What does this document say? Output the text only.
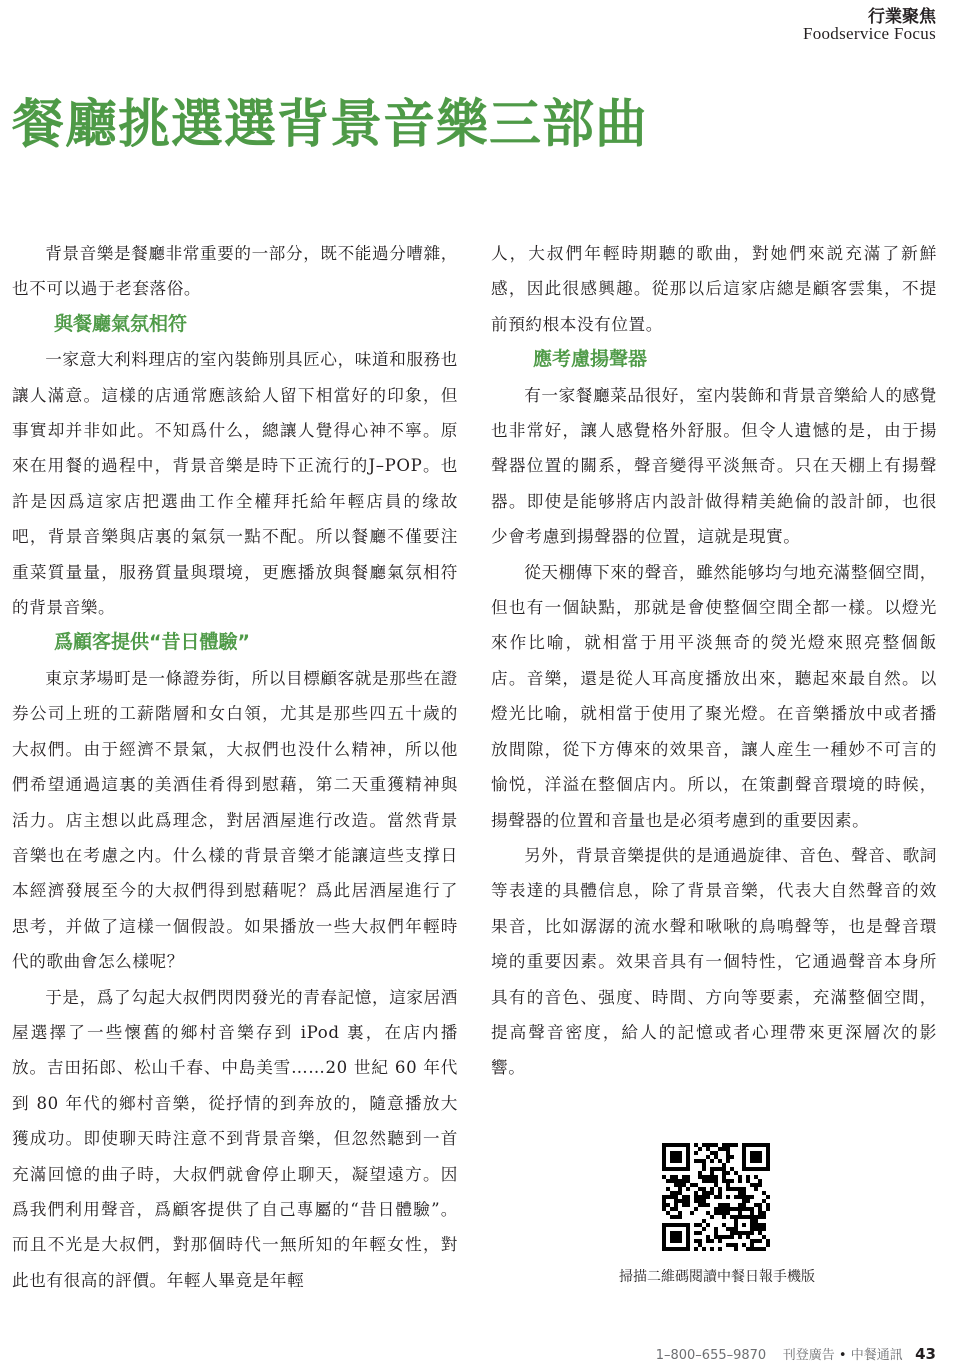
行業聚焦
Foodservice Focus
餐廳挑選選背景音樂三部曲

背景音樂是餐廳非常重要的一部分，既不能過分嘈雜，也不可以過于老套落俗。

與餐廳氣氛相符

一家意大利料理店的室內裝飾別具匠心，味道和服務也讓人滿意。這樣的店通常應該給人留下相當好的印象，但事實却并非如此。不知爲什么，總讓人覺得心神不寧。原來在用餐的過程中，背景音樂是時下正流行的J–POP。也許是因爲這家店把選曲工作全權拜托給年輕店員的缘故吧，背景音樂與店裏的氣氛一點不配。所以餐廳不僅要注重菜質量量，服務質量與環境，更應播放與餐廳氣氛相符的背景音樂。

爲顧客提供“昔日體驗”

東京茅場町是一條證券街，所以目標顧客就是那些在證券公司上班的工薪階層和女白領，尤其是那些四五十歲的大叔們。由于經濟不景氣，大叔們也没什么精神，所以他們希望通過這裏的美酒佳肴得到慰藉，第二天重獲精神與活力。店主想以此爲理念，對居酒屋進行改造。當然背景音樂也在考慮之内。什么樣的背景音樂才能讓這些支撑日本經濟發展至今的大叔們得到慰藉呢？爲此居酒屋進行了思考，并做了這樣一個假設。如果播放一些大叔們年輕時代的歌曲會怎么樣呢？

于是，爲了勾起大叔們閃閃發光的青春記憶，這家居酒屋選擇了一些懷舊的鄉村音樂存到 iPod 裏，在店内播放。吉田拓郎、松山千春、中島美雪……20 世紀 60 年代到 80 年代的鄉村音樂，從抒情的到奔放的，隨意播放大獲成功。即使聊天時注意不到背景音樂，但忽然聽到一首充滿回憶的曲子時，大叔們就會停止聊天，凝望遠方。因爲我們利用聲音，爲顧客提供了自己專屬的“昔日體驗”。而且不光是大叔們，對那個時代一無所知的年輕女性，對此也有很高的評價。年輕人畢竟是年輕

人，大叔們年輕時期聽的歌曲，對她們來説充滿了新鮮感，因此很感興趣。從那以后這家店總是顧客雲集，不提前預約根本没有位置。

應考慮揚聲器

有一家餐廳菜品很好，室内裝飾和背景音樂給人的感覺也非常好，讓人感覺格外舒服。但令人遺憾的是，由于揚聲器位置的關系，聲音變得平淡無奇。只在天棚上有揚聲器。即使是能够將店内設計做得精美絶倫的設計師，也很少會考慮到揚聲器的位置，這就是現實。

從天棚傳下來的聲音，雖然能够均勻地充滿整個空間，但也有一個缺點，那就是會使整個空間全都一樣。以燈光來作比喻，就相當于用平淡無奇的熒光燈來照亮整個飯店。音樂，還是從人耳高度播放出來，聽起來最自然。以燈光比喻，就相當于使用了聚光燈。在音樂播放中或者播放間隙，從下方傳來的效果音，讓人産生一種妙不可言的愉悦，洋溢在整個店内。所以，在策劃聲音環境的時候，揚聲器的位置和音量也是必須考慮到的重要因素。

另外，背景音樂提供的是通過旋律、音色、聲音、歌詞等表達的具體信息，除了背景音樂，代表大自然聲音的效果音，比如潺潺的流水聲和啾啾的鳥鳴聲等，也是聲音環境的重要因素。效果音具有一個特性，它通過聲音本身所具有的音色、强度、時間、方向等要素，充滿整個空間，提高聲音密度，給人的記憶或者心理帶來更深層次的影響。

掃描二維碼閱讀中餐日報手機版
1–800–655–9870 刊登廣告 • 中餐通訊 43
